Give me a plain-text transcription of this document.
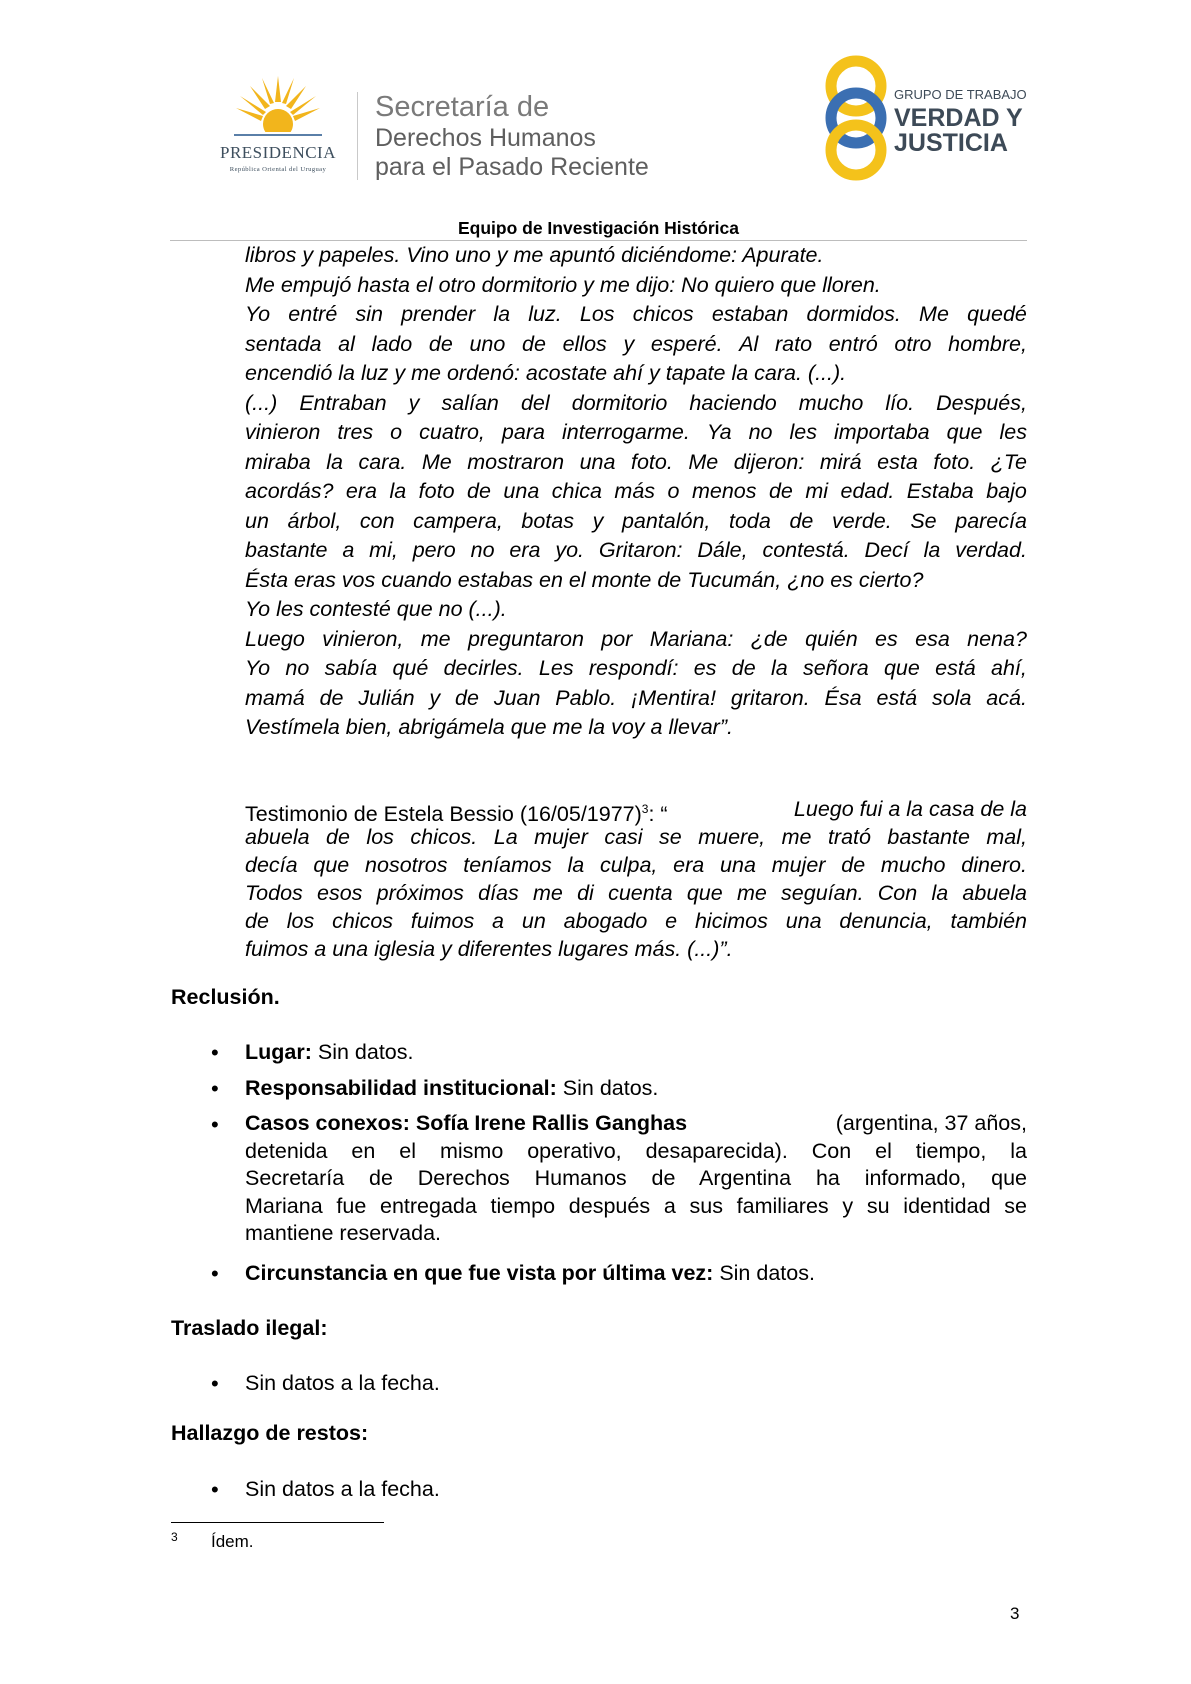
PRESIDENCIA
República Oriental del Uruguay
Secretaría de
Derechos Humanos
para el Pasado Reciente
GRUPO DE TRABAJO
VERDAD Y
JUSTICIA
Equipo de Investigación Histórica
libros y papeles. Vino uno y me apuntó diciéndome: Apurate.
Me empujó hasta el otro dormitorio y me dijo: No quiero que lloren.
Yo entré sin prender la luz. Los chicos estaban dormidos. Me quedé
sentada al lado de uno de ellos y esperé. Al rato entró otro hombre,
encendió la luz y me ordenó: acostate ahí y tapate la cara. (...).
(...) Entraban y salían del dormitorio haciendo mucho lío. Después,
vinieron tres o cuatro, para interrogarme. Ya no les importaba que les
miraba la cara. Me mostraron una foto. Me dijeron: mirá esta foto. ¿Te
acordás? era la foto de una chica más o menos de mi edad. Estaba bajo
un árbol, con campera, botas y pantalón, toda de verde. Se parecía
bastante a mi, pero no era yo. Gritaron: Dále, contestá. Decí la verdad.
Ésta eras vos cuando estabas en el monte de Tucumán, ¿no es cierto?
Yo les contesté que no (...).
Luego vinieron, me preguntaron por Mariana: ¿de quién es esa nena?
Yo no sabía qué decirles. Les respondí: es de la señora que está ahí,
mamá de Julián y de Juan Pablo. ¡Mentira! gritaron. Ésa está sola acá.
Vestímela bien, abrigámela que me la voy a llevar”.
Testimonio de Estela Bessio $(16/05/1977)^3$: “	Luego fui a la casa de la
abuela de los chicos. La mujer casi se muere, me trató bastante mal,
decía que nosotros teníamos la culpa, era una mujer de mucho dinero.
Todos esos próximos días me di cuenta que me seguían. Con la abuela
de los chicos fuimos a un abogado e hicimos una denuncia, también
fuimos a una iglesia y diferentes lugares más. (...)”.
Reclusión.
• Lugar: Sin datos.
• Responsabilidad institucional: Sin datos.
• Casos conexos: Sofía Irene Rallis Ganghas	(argentina, 37 años,
detenida en el mismo operativo, desaparecida). Con el tiempo, la
Secretaría de Derechos Humanos de Argentina ha informado, que
Mariana fue entregada tiempo después a sus familiares y su identidad se
mantiene reservada.
• Circunstancia en que fue vista por última vez: Sin datos.
Traslado ilegal:
• Sin datos a la fecha.
Hallazgo de restos:
• Sin datos a la fecha.
3 Ídem.
3
